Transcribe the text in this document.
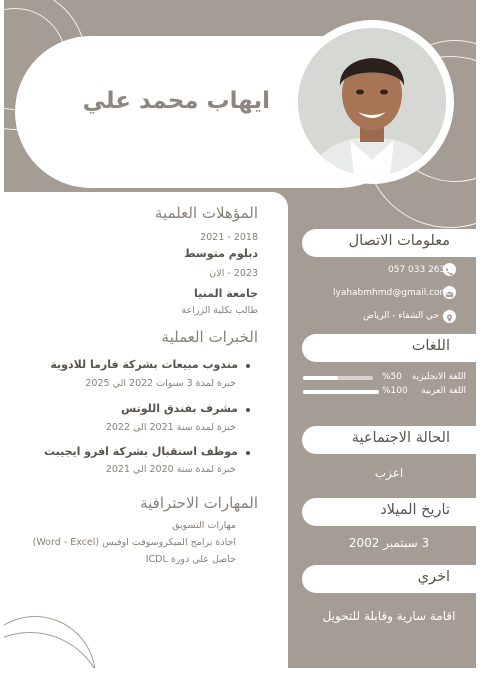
ايهاب محمد علي
المؤهلات العلمية
2018 - 2021
دبلوم متوسط
2023 - الان
جامعة المنيا
طالب بكلية الزراعة
الخبرات العملية
مندوب مبيعات بشركة فارما للادوية
خبرة لمدة 3 سنوات 2022 الي 2025
مشرف بفندق اللوتس
خبرة لمدة سنة 2021 الي 2022
موظف استقبال بشركة افرو ايجيبت
خبرة لمدة سنة 2020 الي 2021
المهارات الاحترافية
مهارات التسويق
اجادة برامج الميكروسوفت اوفيس (Word - Excel)
حاصل علي دورة ICDL
معلومات الاتصال
057 033 2631
lyahabmhmd@gmail.com
حي الشفاء - الرياض
اللغات
اللغة الانجليزية
%50
اللغة العربية
%100
الحالة الاجتماعية
اعزب
تاريخ الميلاد
3 سبتمبر 2002
اخري
اقامة سارية وقابلة للتحويل
